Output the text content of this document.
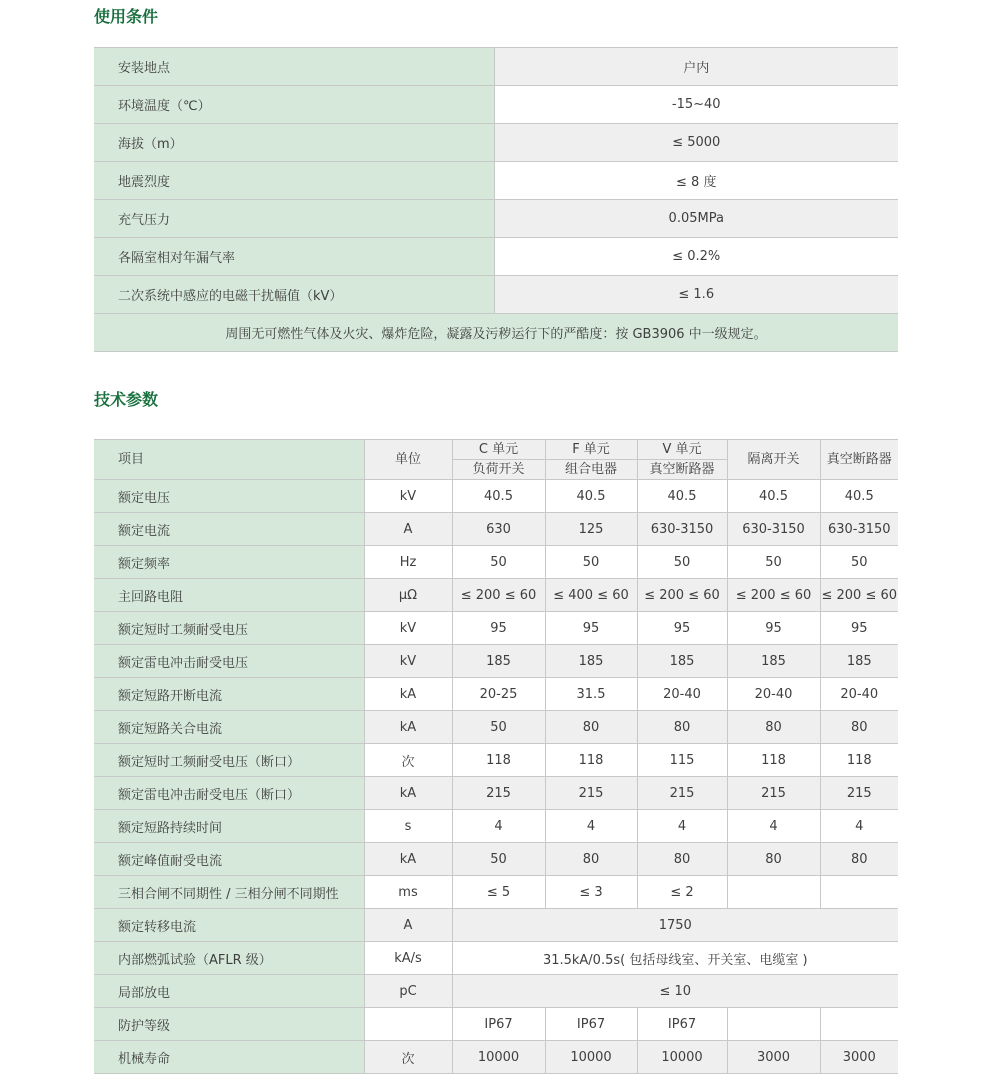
使用条件
安装地点	户内
环境温度（℃）	-15~40
海拔（m）	≤ 5000
地震烈度	≤ 8 度
充气压力	0.05MPa
各隔室相对年漏气率	≤ 0.2%
二次系统中感应的电磁干扰幅值（kV）	≤ 1.6
周围无可燃性气体及火灾、爆炸危险，凝露及污秽运行下的严酷度：按 GB3906 中一级规定。	
技术参数
项目	单位	C 单元	F 单元	V 单元	隔离开关	真空断路器
		负荷开关	组合电器	真空断路器		
额定电压	kV	40.5	40.5	40.5	40.5	40.5
额定电流	A	630	125	630-3150	630-3150	630-3150
额定频率	Hz	50	50	50	50	50
主回路电阻	μΩ	≤ 200 ≤ 60	≤ 400 ≤ 60	≤ 200 ≤ 60	≤ 200 ≤ 60	≤ 200 ≤ 60
额定短时工频耐受电压	kV	95	95	95	95	95
额定雷电冲击耐受电压	kV	185	185	185	185	185
额定短路开断电流	kA	20-25	31.5	20-40	20-40	20-40
额定短路关合电流	kA	50	80	80	80	80
额定短时工频耐受电压（断口）	次	118	118	115	118	118
额定雷电冲击耐受电压（断口）	kA	215	215	215	215	215
额定短路持续时间	s	4	4	4	4	4
额定峰值耐受电流	kA	50	80	80	80	80
三相合闸不同期性 / 三相分闸不同期性	ms	≤ 5	≤ 3	≤ 2		
额定转移电流	A	1750				
内部燃弧试验（AFLR 级）	kA/s	31.5kA/0.5s( 包括母线室、开关室、电缆室 )				
局部放电	pC	≤ 10				
防护等级		IP67	IP67	IP67		
机械寿命	次	10000	10000	10000	3000	3000
